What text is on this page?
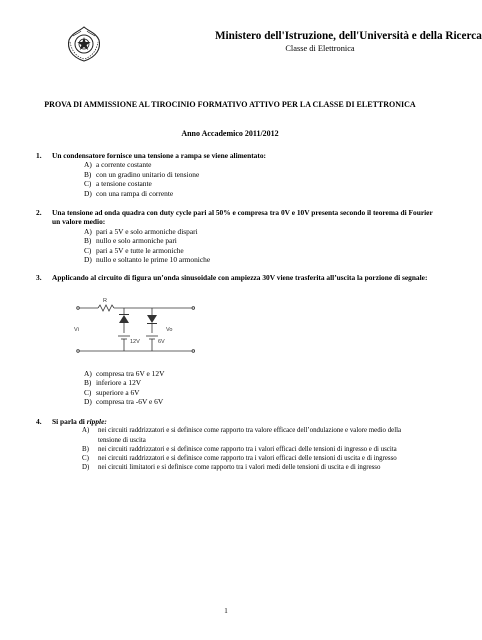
Ministero dell'Istruzione, dell'Università e della Ricerca
Classe di Elettronica
PROVA DI AMMISSIONE AL TIROCINIO FORMATIVO ATTIVO PER LA CLASSE DI ELETTRONICA
Anno Accademico 2011/2012
1. Un condensatore fornisce una tensione a rampa se viene alimentato:
A) a corrente costante
B) con un gradino unitario di tensione
C) a tensione costante
D) con una rampa di corrente
2. Una tensione ad onda quadra con duty cycle pari al 50% e compresa tra 0V e 10V presenta secondo il teorema di Fourier un valore medio:
A) pari a 5V e solo armoniche dispari
B) nullo e solo armoniche pari
C) pari a 5V e tutte le armoniche
D) nullo e soltanto le prime 10 armoniche
3. Applicando al circuito di figura un’onda sinusoidale con ampiezza 30V viene trasferita all’uscita la porzione di segnale:
R
Vi	Vo
12V	6V
A) compresa tra 6V e 12V
B) inferiore a 12V
C) superiore a 6V
D) compresa tra -6V e 6V
4. Si parla di ripple:
A) nei circuiti raddrizzatori e si definisce come rapporto tra valore efficace dell’ondulazione e valore medio della tensione di uscita
B) nei circuiti raddrizzatori e si definisce come rapporto tra i valori efficaci delle tensioni di ingresso e di uscita
C) nei circuiti raddrizzatori e si definisce come rapporto tra i valori efficaci delle tensioni di uscita e di ingresso
D) nei circuiti limitatori e si definisce come rapporto tra i valori medi delle tensioni di uscita e di ingresso
1
